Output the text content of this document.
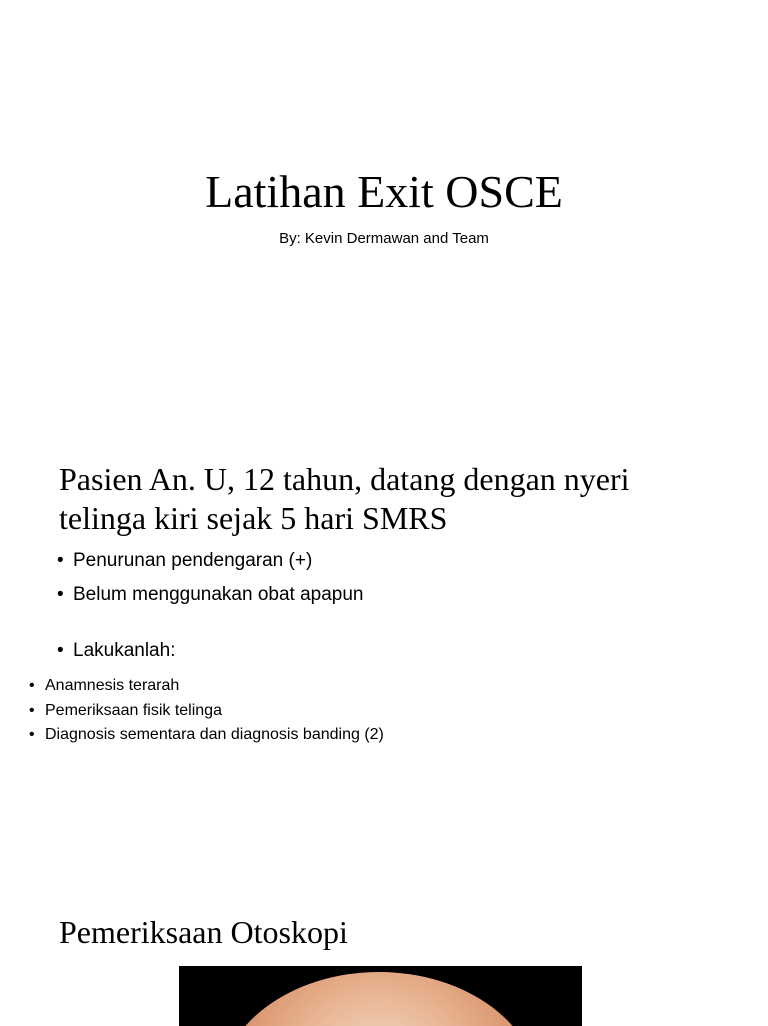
Latihan Exit OSCE

By: Kevin Dermawan and Team

Pasien An. U, 12 tahun, datang dengan nyeri telinga kiri sejak 5 hari SMRS
• Penurunan pendengaran (+)
• Belum menggunakan obat apapun
• Lakukanlah:
• Anamnesis terarah
• Pemeriksaan fisik telinga
• Diagnosis sementara dan diagnosis banding (2)
Pemeriksaan Otoskopi
